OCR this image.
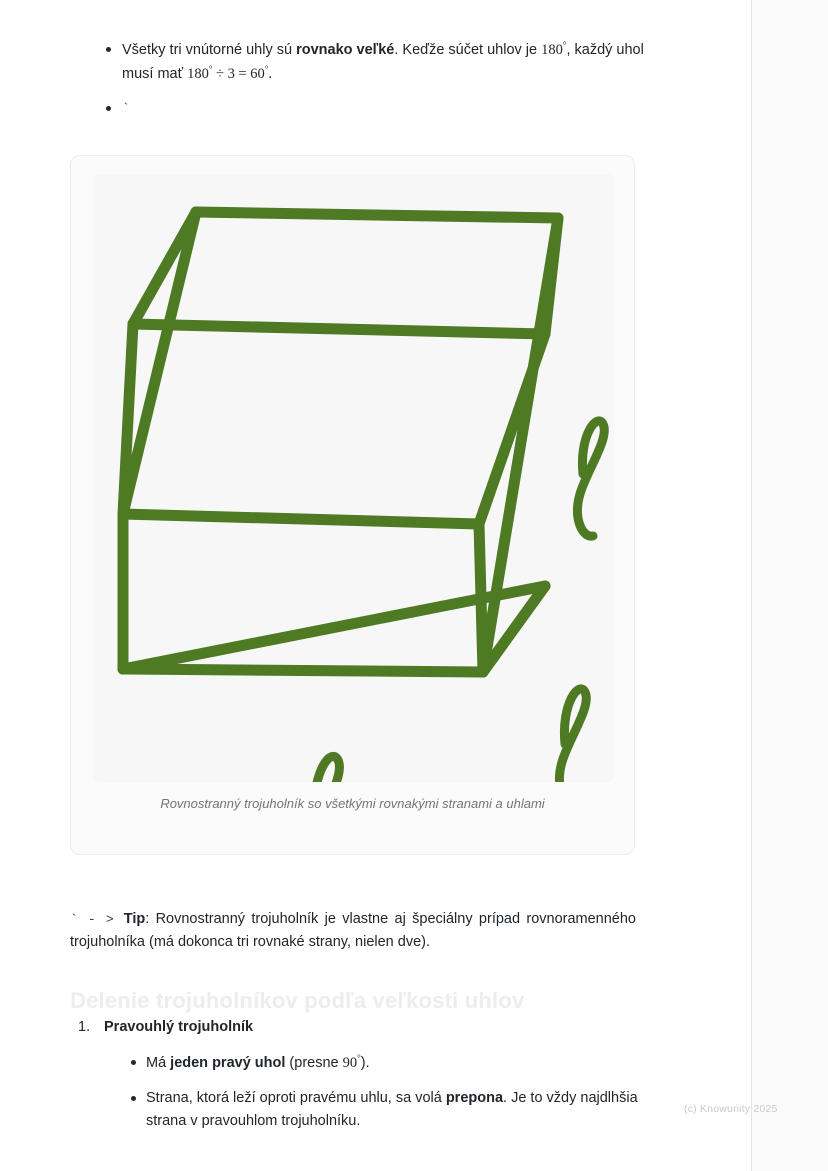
Všetky tri vnútorné uhly sú rovnako veľké. Keďže súčet uhlov je 180°, každý uhol musí mať 180° ÷ 3 = 60°.
`
Rovnostranný trojuholník so všetkými rovnakými stranami a uhlami

` - > Tip: Rovnostranný trojuholník je vlastne aj špeciálny prípad rovnoramenného trojuholníka (má dokonca tri rovnaké strany, nielen dve).

Delenie trojuholníkov podľa veľkosti uhlov
1. Pravouhlý trojuholník
Má jeden pravý uhol (presne 90°).
Strana, ktorá leží oproti pravému uhlu, sa volá prepona. Je to vždy najdlhšia strana v pravouhlom trojuholníku.
(c) Knowunity 2025
